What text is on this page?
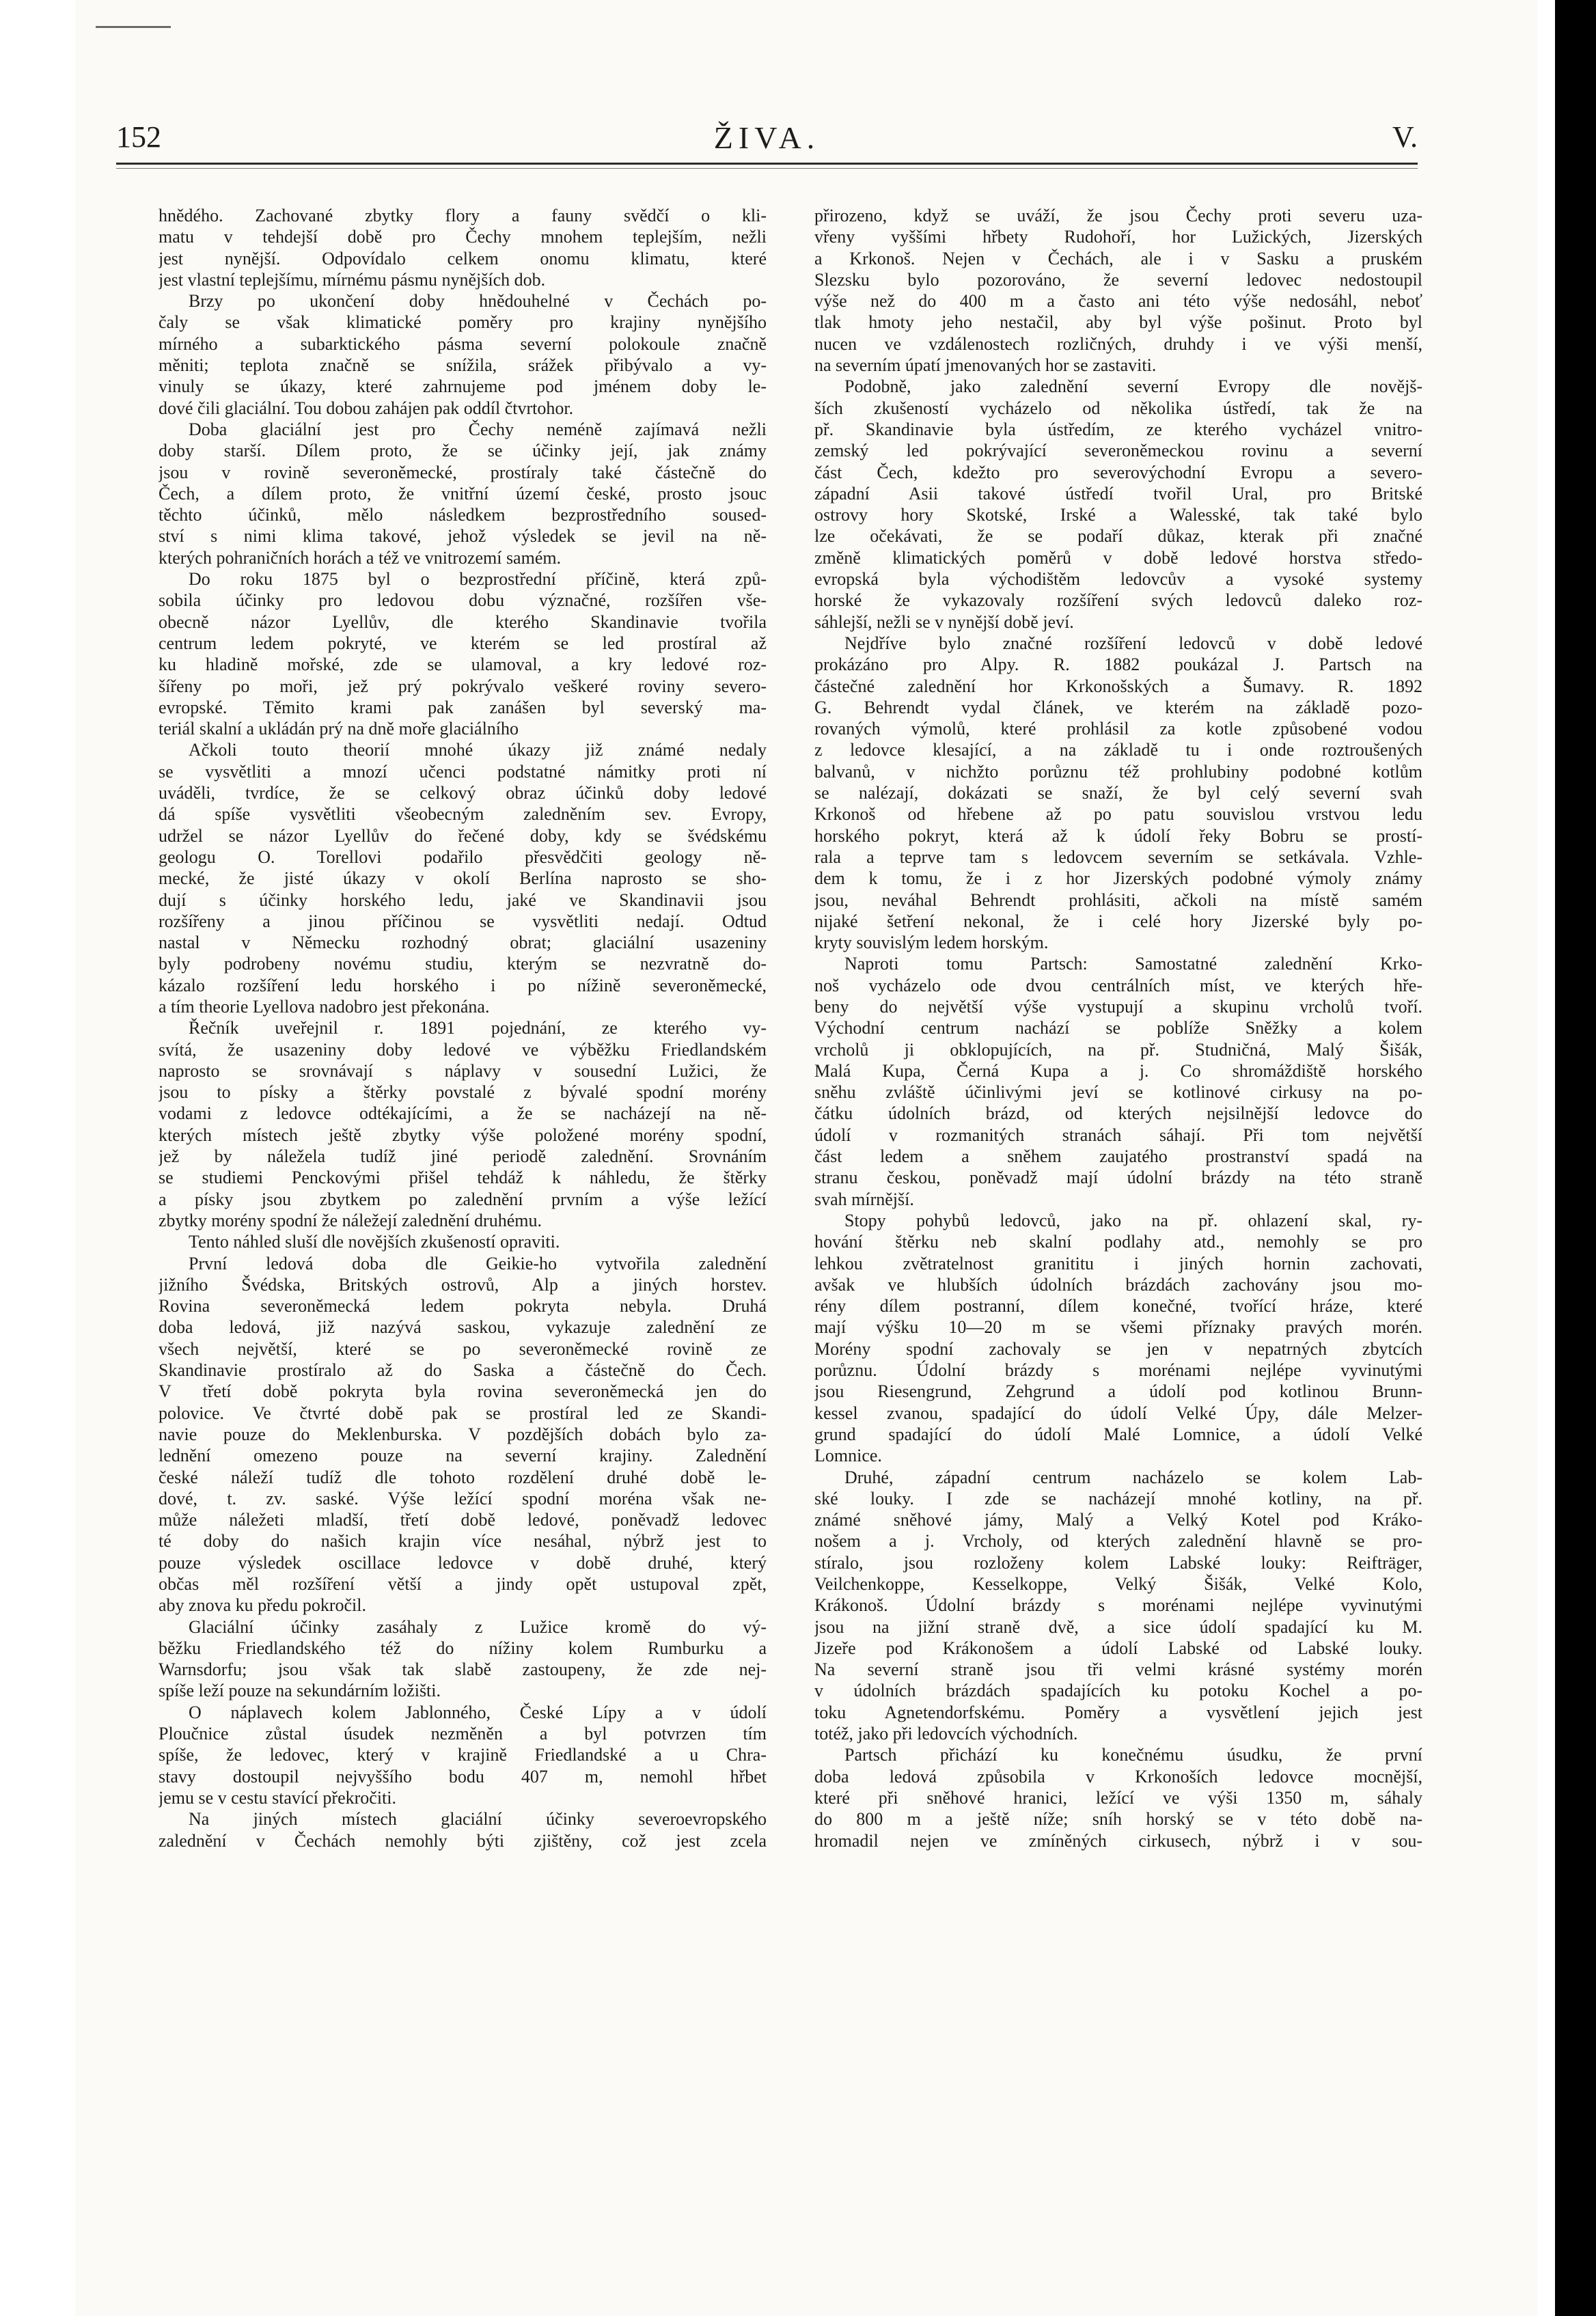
152	ŽIVA.	V.
hnědého. Zachované zbytky flory a fauny svědčí o kli-
matu v tehdejší době pro Čechy mnohem teplejším, nežli
jest nynější. Odpovídalo celkem onomu klimatu, které
jest vlastní teplejšímu, mírnému pásmu nynějších dob.
Brzy po ukončení doby hnědouhelné v Čechách po-
čaly se však klimatické poměry pro krajiny nynějšího
mírného a subarktického pásma severní polokoule značně
měniti; teplota značně se snížila, srážek přibývalo a vy-
vinuly se úkazy, které zahrnujeme pod jménem doby le-
dové čili glaciální. Tou dobou zahájen pak oddíl čtvrtohor.
Doba glaciální jest pro Čechy neméně zajímavá nežli
doby starší. Dílem proto, že se účinky její, jak známy
jsou v rovině severoněmecké, prostíraly také částečně do
Čech, a dílem proto, že vnitřní území české, prosto jsouc
těchto účinků, mělo následkem bezprostředního soused-
ství s nimi klima takové, jehož výsledek se jevil na ně-
kterých pohraničních horách a též ve vnitrozemí samém.
Do roku 1875 byl o bezprostřední příčině, která způ-
sobila účinky pro ledovou dobu význačné, rozšířen vše-
obecně názor Lyellův, dle kterého Skandinavie tvořila
centrum ledem pokryté, ve kterém se led prostíral až
ku hladině mořské, zde se ulamoval, a kry ledové roz-
šířeny po moři, jež prý pokrývalo veškeré roviny severo-
evropské. Těmito krami pak zanášen byl severský ma-
teriál skalní a ukládán prý na dně moře glaciálního
Ačkoli touto theorií mnohé úkazy již známé nedaly
se vysvětliti a mnozí učenci podstatné námitky proti ní
uváděli, tvrdíce, že se celkový obraz účinků doby ledové
dá spíše vysvětliti všeobecným zaledněním sev. Evropy,
udržel se názor Lyellův do řečené doby, kdy se švédskému
geologu O. Torellovi podařilo přesvědčiti geology ně-
mecké, že jisté úkazy v okolí Berlína naprosto se sho-
dují s účinky horského ledu, jaké ve Skandinavii jsou
rozšířeny a jinou příčinou se vysvětliti nedají. Odtud
nastal v Německu rozhodný obrat; glaciální usazeniny
byly podrobeny novému studiu, kterým se nezvratně do-
kázalo rozšíření ledu horského i po nížině severoněmecké,
a tím theorie Lyellova nadobro jest překonána.
Řečník uveřejnil r. 1891 pojednání, ze kterého vy-
svítá, že usazeniny doby ledové ve výběžku Friedlandském
naprosto se srovnávají s náplavy v sousední Lužici, že
jsou to písky a štěrky povstalé z bývalé spodní morény
vodami z ledovce odtékajícími, a že se nacházejí na ně-
kterých místech ještě zbytky výše položené morény spodní,
jež by náležela tudíž jiné periodě zalednění. Srovnáním
se studiemi Penckovými přišel tehdáž k náhledu, že štěrky
a písky jsou zbytkem po zalednění prvním a výše ležící
zbytky morény spodní že náležejí zalednění druhému.
Tento náhled sluší dle novějších zkušeností opraviti.
První ledová doba dle Geikie-ho vytvořila zalednění
jižního Švédska, Britských ostrovů, Alp a jiných horstev.
Rovina severoněmecká ledem pokryta nebyla. Druhá
doba ledová, již nazývá saskou, vykazuje zalednění ze
všech největší, které se po severoněmecké rovině ze
Skandinavie prostíralo až do Saska a částečně do Čech.
V třetí době pokryta byla rovina severoněmecká jen do
polovice. Ve čtvrté době pak se prostíral led ze Skandi-
navie pouze do Meklenburska. V pozdějších dobách bylo za-
lednění omezeno pouze na severní krajiny. Zalednění
české náleží tudíž dle tohoto rozdělení druhé době le-
dové, t. zv. saské. Výše ležící spodní moréna však ne-
může náležeti mladší, třetí době ledové, poněvadž ledovec
té doby do našich krajin více nesáhal, nýbrž jest to
pouze výsledek oscillace ledovce v době druhé, který
občas měl rozšíření větší a jindy opět ustupoval zpět,
aby znova ku předu pokročil.
Glaciální účinky zasáhaly z Lužice kromě do vý-
běžku Friedlandského též do nížiny kolem Rumburku a
Warnsdorfu; jsou však tak slabě zastoupeny, že zde nej-
spíše leží pouze na sekundárním ložišti.
O náplavech kolem Jablonného, České Lípy a v údolí
Ploučnice zůstal úsudek nezměněn a byl potvrzen tím
spíše, že ledovec, který v krajině Friedlandské a u Chra-
stavy dostoupil nejvyššího bodu 407 m, nemohl hřbet
jemu se v cestu stavící překročiti.
Na jiných místech glaciální účinky severoevropského
zalednění v Čechách nemohly býti zjištěny, což jest zcela
přirozeno, když se uváží, že jsou Čechy proti severu uza-
vřeny vyššími hřbety Rudohoří, hor Lužických, Jizerských
a Krkonoš. Nejen v Čechách, ale i v Sasku a pruském
Slezsku bylo pozorováno, že severní ledovec nedostoupil
výše než do 400 m a často ani této výše nedosáhl, neboť
tlak hmoty jeho nestačil, aby byl výše pošinut. Proto byl
nucen ve vzdálenostech rozličných, druhdy i ve výši menší,
na severním úpatí jmenovaných hor se zastaviti.
Podobně, jako zalednění severní Evropy dle novějš-
ších zkušeností vycházelo od několika ústředí, tak že na
př. Skandinavie byla ústředím, ze kterého vycházel vnitro-
zemský led pokrývající severoněmeckou rovinu a severní
část Čech, kdežto pro severovýchodní Evropu a severo-
západní Asii takové ústředí tvořil Ural, pro Britské
ostrovy hory Skotské, Irské a Walesské, tak také bylo
lze očekávati, že se podaří důkaz, kterak při značné
změně klimatických poměrů v době ledové horstva středo-
evropská byla východištěm ledovcův a vysoké systemy
horské že vykazovaly rozšíření svých ledovců daleko roz-
sáhlejší, nežli se v nynější době jeví.
Nejdříve bylo značné rozšíření ledovců v době ledové
prokázáno pro Alpy. R. 1882 poukázal J. Partsch na
částečné zalednění hor Krkonošských a Šumavy. R. 1892
G. Behrendt vydal článek, ve kterém na základě pozo-
rovaných výmolů, které prohlásil za kotle způsobené vodou
z ledovce klesající, a na základě tu i onde roztroušených
balvanů, v nichžto porůznu též prohlubiny podobné kotlům
se nalézají, dokázati se snaží, že byl celý severní svah
Krkonoš od hřebene až po patu souvislou vrstvou ledu
horského pokryt, která až k údolí řeky Bobru se prostí-
rala a teprve tam s ledovcem severním se setkávala. Vzhle-
dem k tomu, že i z hor Jizerských podobné výmoly známy
jsou, neváhal Behrendt prohlásiti, ačkoli na místě samém
nijaké šetření nekonal, že i celé hory Jizerské byly po-
kryty souvislým ledem horským.
Naproti tomu Partsch: Samostatné zalednění Krko-
noš vycházelo ode dvou centrálních míst, ve kterých hře-
beny do největší výše vystupují a skupinu vrcholů tvoří.
Východní centrum nachází se poblíže Sněžky a kolem
vrcholů ji obklopujících, na př. Studničná, Malý Šišák,
Malá Kupa, Černá Kupa a j. Co shromáždiště horského
sněhu zvláště účinlivými jeví se kotlinové cirkusy na po-
čátku údolních brázd, od kterých nejsilnější ledovce do
údolí v rozmanitých stranách sáhají. Při tom největší
část ledem a sněhem zaujatého prostranství spadá na
stranu českou, poněvadž mají údolní brázdy na této straně
svah mírnější.
Stopy pohybů ledovců, jako na př. ohlazení skal, ry-
hování štěrku neb skalní podlahy atd., nemohly se pro
lehkou zvětratelnost granititu i jiných hornin zachovati,
avšak ve hlubších údolních brázdách zachovány jsou mo-
rény dílem postranní, dílem konečné, tvořící hráze, které
mají výšku 10—20 m se všemi příznaky pravých morén.
Morény spodní zachovaly se jen v nepatrných zbytcích
porůznu. Údolní brázdy s morénami nejlépe vyvinutými
jsou Riesengrund, Zehgrund a údolí pod kotlinou Brunn-
kessel zvanou, spadající do údolí Velké Úpy, dále Melzer-
grund spadající do údolí Malé Lomnice, a údolí Velké
Lomnice.
Druhé, západní centrum nacházelo se kolem Lab-
ské louky. I zde se nacházejí mnohé kotliny, na př.
známé sněhové jámy, Malý a Velký Kotel pod Kráko-
nošem a j. Vrcholy, od kterých zalednění hlavně se pro-
stíralo, jsou rozloženy kolem Labské louky: Reifträger,
Veilchenkoppe, Kesselkoppe, Velký Šišák, Velké Kolo,
Krákonoš. Údolní brázdy s morénami nejlépe vyvinutými
jsou na jižní straně dvě, a sice údolí spadající ku M.
Jizeře pod Krákonošem a údolí Labské od Labské louky.
Na severní straně jsou tři velmi krásné systémy morén
v údolních brázdách spadajících ku potoku Kochel a po-
toku Agnetendorfskému. Poměry a vysvětlení jejich jest
totéž, jako při ledovcích východních.
Partsch přichází ku konečnému úsudku, že první
doba ledová způsobila v Krkonoších ledovce mocnější,
které při sněhové hranici, ležící ve výši 1350 m, sáhaly
do 800 m a ještě níže; sníh horský se v této době na-
hromadil nejen ve zmíněných cirkusech, nýbrž i v sou-
